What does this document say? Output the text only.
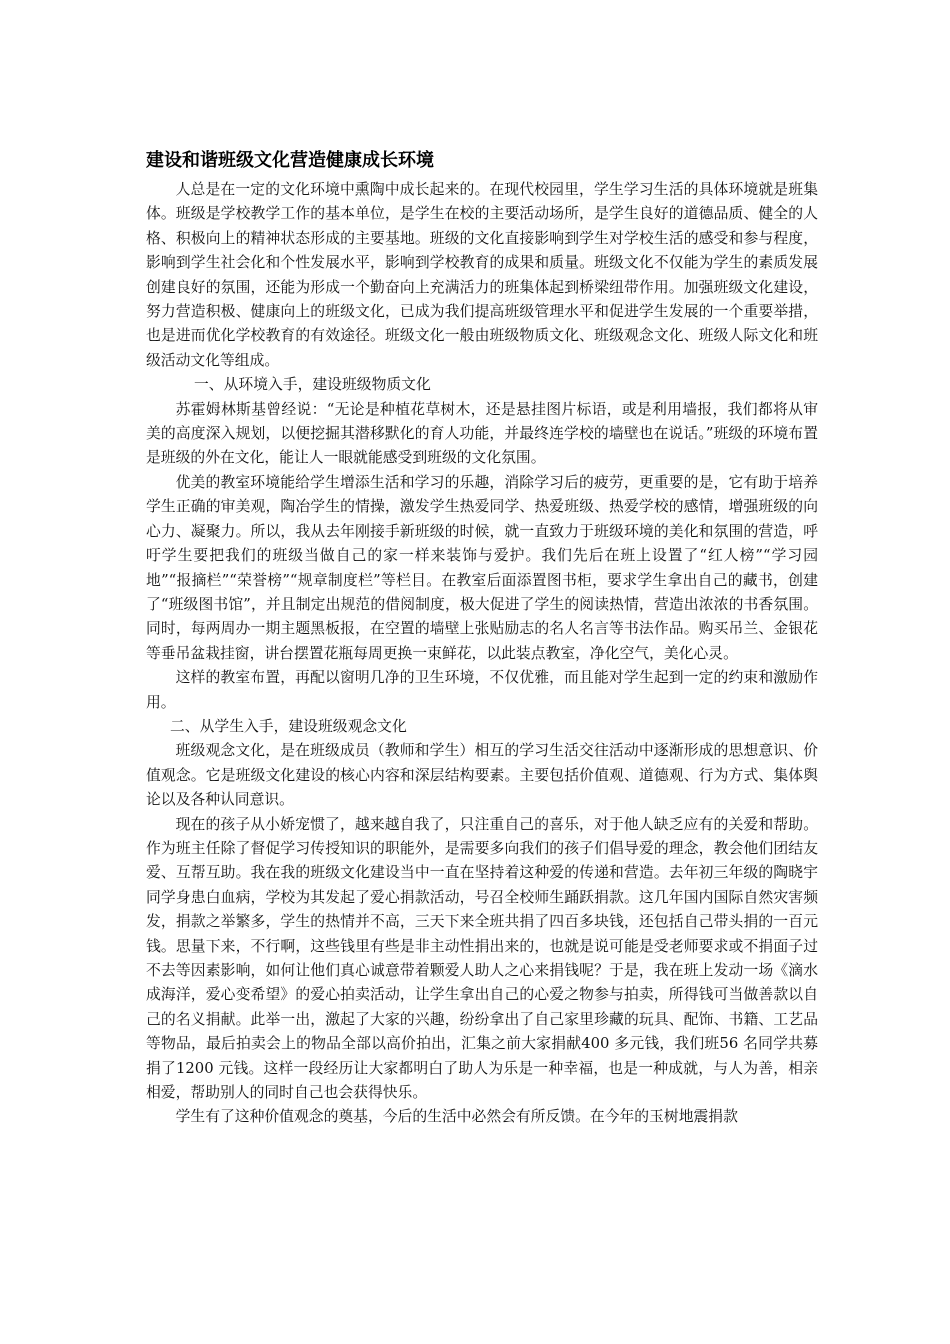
建设和谐班级文化营造健康成长环境

人总是在一定的文化环境中熏陶中成长起来的。在现代校园里，学生学习生活的具体环境就是班集体。班级是学校教学工作的基本单位，是学生在校的主要活动场所，是学生良好的道德品质、健全的人格、积极向上的精神状态形成的主要基地。班级的文化直接影响到学生对学校生活的感受和参与程度，影响到学生社会化和个性发展水平，影响到学校教育的成果和质量。班级文化不仅能为学生的素质发展创建良好的氛围，还能为形成一个勤奋向上充满活力的班集体起到桥梁纽带作用。加强班级文化建设，努力营造积极、健康向上的班级文化，已成为我们提高班级管理水平和促进学生发展的一个重要举措，也是进而优化学校教育的有效途径。班级文化一般由班级物质文化、班级观念文化、班级人际文化和班级活动文化等组成。

一、从环境入手，建设班级物质文化

苏霍姆林斯基曾经说：“无论是种植花草树木，还是悬挂图片标语，或是利用墙报，我们都将从审美的高度深入规划，以便挖掘其潜移默化的育人功能，并最终连学校的墙壁也在说话。”班级的环境布置是班级的外在文化，能让人一眼就能感受到班级的文化氛围。

优美的教室环境能给学生增添生活和学习的乐趣，消除学习后的疲劳，更重要的是，它有助于培养学生正确的审美观，陶冶学生的情操，激发学生热爱同学、热爱班级、热爱学校的感情，增强班级的向心力、凝聚力。所以，我从去年刚接手新班级的时候，就一直致力于班级环境的美化和氛围的营造，呼吁学生要把我们的班级当做自己的家一样来装饰与爱护。我们先后在班上设置了“红人榜”“学习园地”“报摘栏”“荣誉榜”“规章制度栏”等栏目。在教室后面添置图书柜，要求学生拿出自己的藏书，创建了“班级图书馆”，并且制定出规范的借阅制度，极大促进了学生的阅读热情，营造出浓浓的书香氛围。同时，每两周办一期主题黑板报，在空置的墙壁上张贴励志的名人名言等书法作品。购买吊兰、金银花等垂吊盆栽挂窗，讲台摆置花瓶每周更换一束鲜花，以此装点教室，净化空气，美化心灵。

这样的教室布置，再配以窗明几净的卫生环境，不仅优雅，而且能对学生起到一定的约束和激励作用。

二、从学生入手，建设班级观念文化

班级观念文化，是在班级成员（教师和学生）相互的学习生活交往活动中逐渐形成的思想意识、价值观念。它是班级文化建设的核心内容和深层结构要素。主要包括价值观、道德观、行为方式、集体舆论以及各种认同意识。

现在的孩子从小娇宠惯了，越来越自我了，只注重自己的喜乐，对于他人缺乏应有的关爱和帮助。作为班主任除了督促学习传授知识的职能外，是需要多向我们的孩子们倡导爱的理念，教会他们团结友爱、互帮互助。我在我的班级文化建设当中一直在坚持着这种爱的传递和营造。去年初三年级的陶晓宇同学身患白血病，学校为其发起了爱心捐款活动，号召全校师生踊跃捐款。这几年国内国际自然灾害频发，捐款之举繁多，学生的热情并不高，三天下来全班共捐了四百多块钱，还包括自己带头捐的一百元钱。思量下来，不行啊，这些钱里有些是非主动性捐出来的，也就是说可能是受老师要求或不捐面子过不去等因素影响，如何让他们真心诚意带着颗爱人助人之心来捐钱呢？于是，我在班上发动一场《滴水成海洋，爱心变希望》的爱心拍卖活动，让学生拿出自己的心爱之物参与拍卖，所得钱可当做善款以自己的名义捐献。此举一出，激起了大家的兴趣，纷纷拿出了自己家里珍藏的玩具、配饰、书籍、工艺品等物品，最后拍卖会上的物品全部以高价拍出，汇集之前大家捐献400 多元钱，我们班56 名同学共募捐了1200 元钱。这样一段经历让大家都明白了助人为乐是一种幸福，也是一种成就，与人为善，相亲相爱，帮助别人的同时自己也会获得快乐。

学生有了这种价值观念的奠基，今后的生活中必然会有所反馈。在今年的玉树地震捐款
